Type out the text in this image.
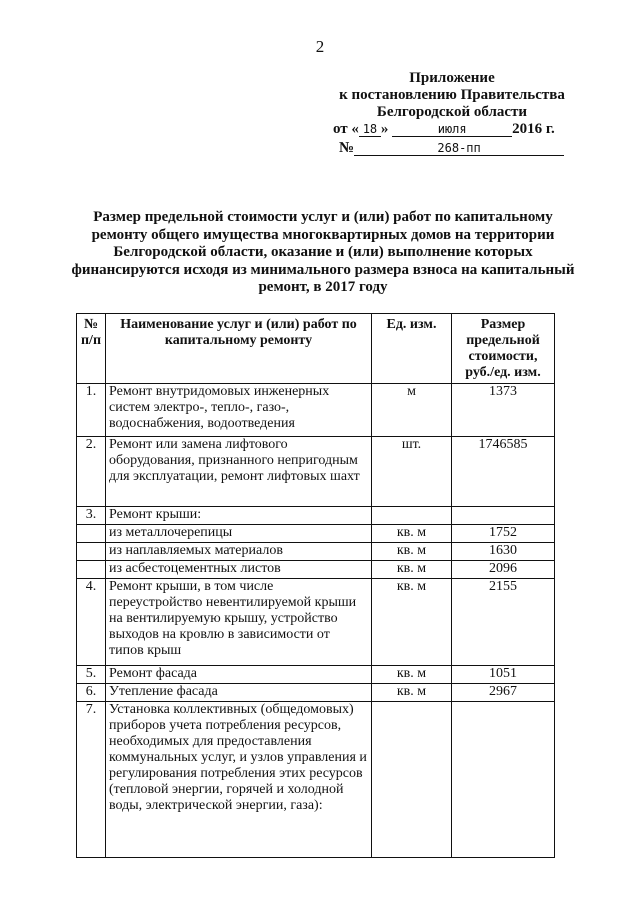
2
Приложение
к постановлению Правительства
Белгородской области
от « 18 »	июля	2016 г.
№	268-пп
Размер предельной стоимости услуг и (или) работ по капитальному ремонту общего имущества многоквартирных домов на территории Белгородской области, оказание и (или) выполнение которых финансируются исходя из минимального размера взноса на капитальный ремонт, в 2017 году
№ п/п	Наименование услуг и (или) работ по капитальному ремонту	Ед. изм.	Размер предельной стоимости, руб./ед. изм.
1.	Ремонт внутридомовых инженерных систем электро-, тепло-, газо-, водоснабжения, водоотведения	м	1373
2.	Ремонт или замена лифтового оборудования, признанного непригодным для эксплуатации, ремонт лифтовых шахт	шт.	1746585
3.	Ремонт крыши:		
	из металлочерепицы	кв. м	1752
	из наплавляемых материалов	кв. м	1630
	из асбестоцементных листов	кв. м	2096
4.	Ремонт крыши, в том числе переустройство невентилируемой крыши на вентилируемую крышу, устройство выходов на кровлю в зависимости от типов крыш	кв. м	2155
5.	Ремонт фасада	кв. м	1051
6.	Утепление фасада	кв. м	2967
7.	Установка коллективных (общедомовых) приборов учета потребления ресурсов, необходимых для предоставления коммунальных услуг, и узлов управления и регулирования потребления этих ресурсов (тепловой энергии, горячей и холодной воды, электрической энергии, газа):		
